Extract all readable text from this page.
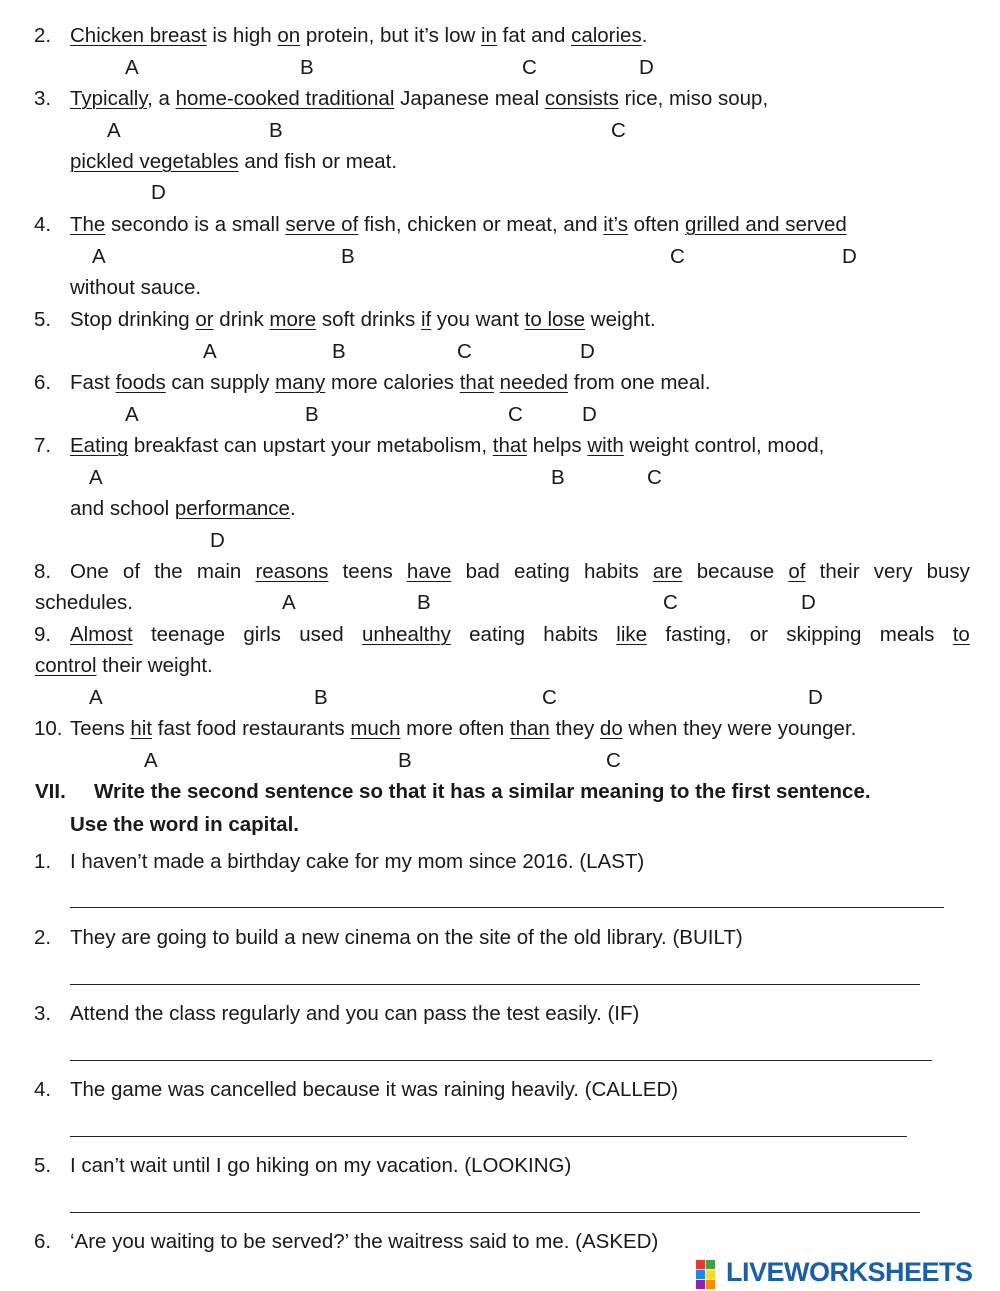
2. Chicken breast is high on protein, but it’s low in fat and calories.
A	B	C	D
3. Typically, a home-cooked traditional Japanese meal consists rice, miso soup,
A	B	C
pickled vegetables and fish or meat.
D
4. The secondo is a small serve of fish, chicken or meat, and it’s often grilled and served
A	B	C	D
without sauce.
5. Stop drinking or drink more soft drinks if you want to lose weight.
A	B	C	D
6. Fast foods can supply many more calories that needed from one meal.
A	B	C	D
7. Eating breakfast can upstart your metabolism, that helps with weight control, mood,
A	B	C
and school performance.
D
8. One of the main reasons teens have bad eating habits are because of their very busy
schedules.	A	B	C	D
9. Almost teenage girls used unhealthy eating habits like fasting, or skipping meals to
control their weight.
A	B	C	D
10. Teens hit fast food restaurants much more often than they do when they were younger.
A	B	C
VII. Write the second sentence so that it has a similar meaning to the first sentence.
Use the word in capital.
1. I haven’t made a birthday cake for my mom since 2016. (LAST)
2. They are going to build a new cinema on the site of the old library. (BUILT)
3. Attend the class regularly and you can pass the test easily. (IF)
4. The game was cancelled because it was raining heavily. (CALLED)
5. I can’t wait until I go hiking on my vacation. (LOOKING)
6. ‘Are you waiting to be served?’ the waitress said to me. (ASKED)
LIVEWORKSHEETS
